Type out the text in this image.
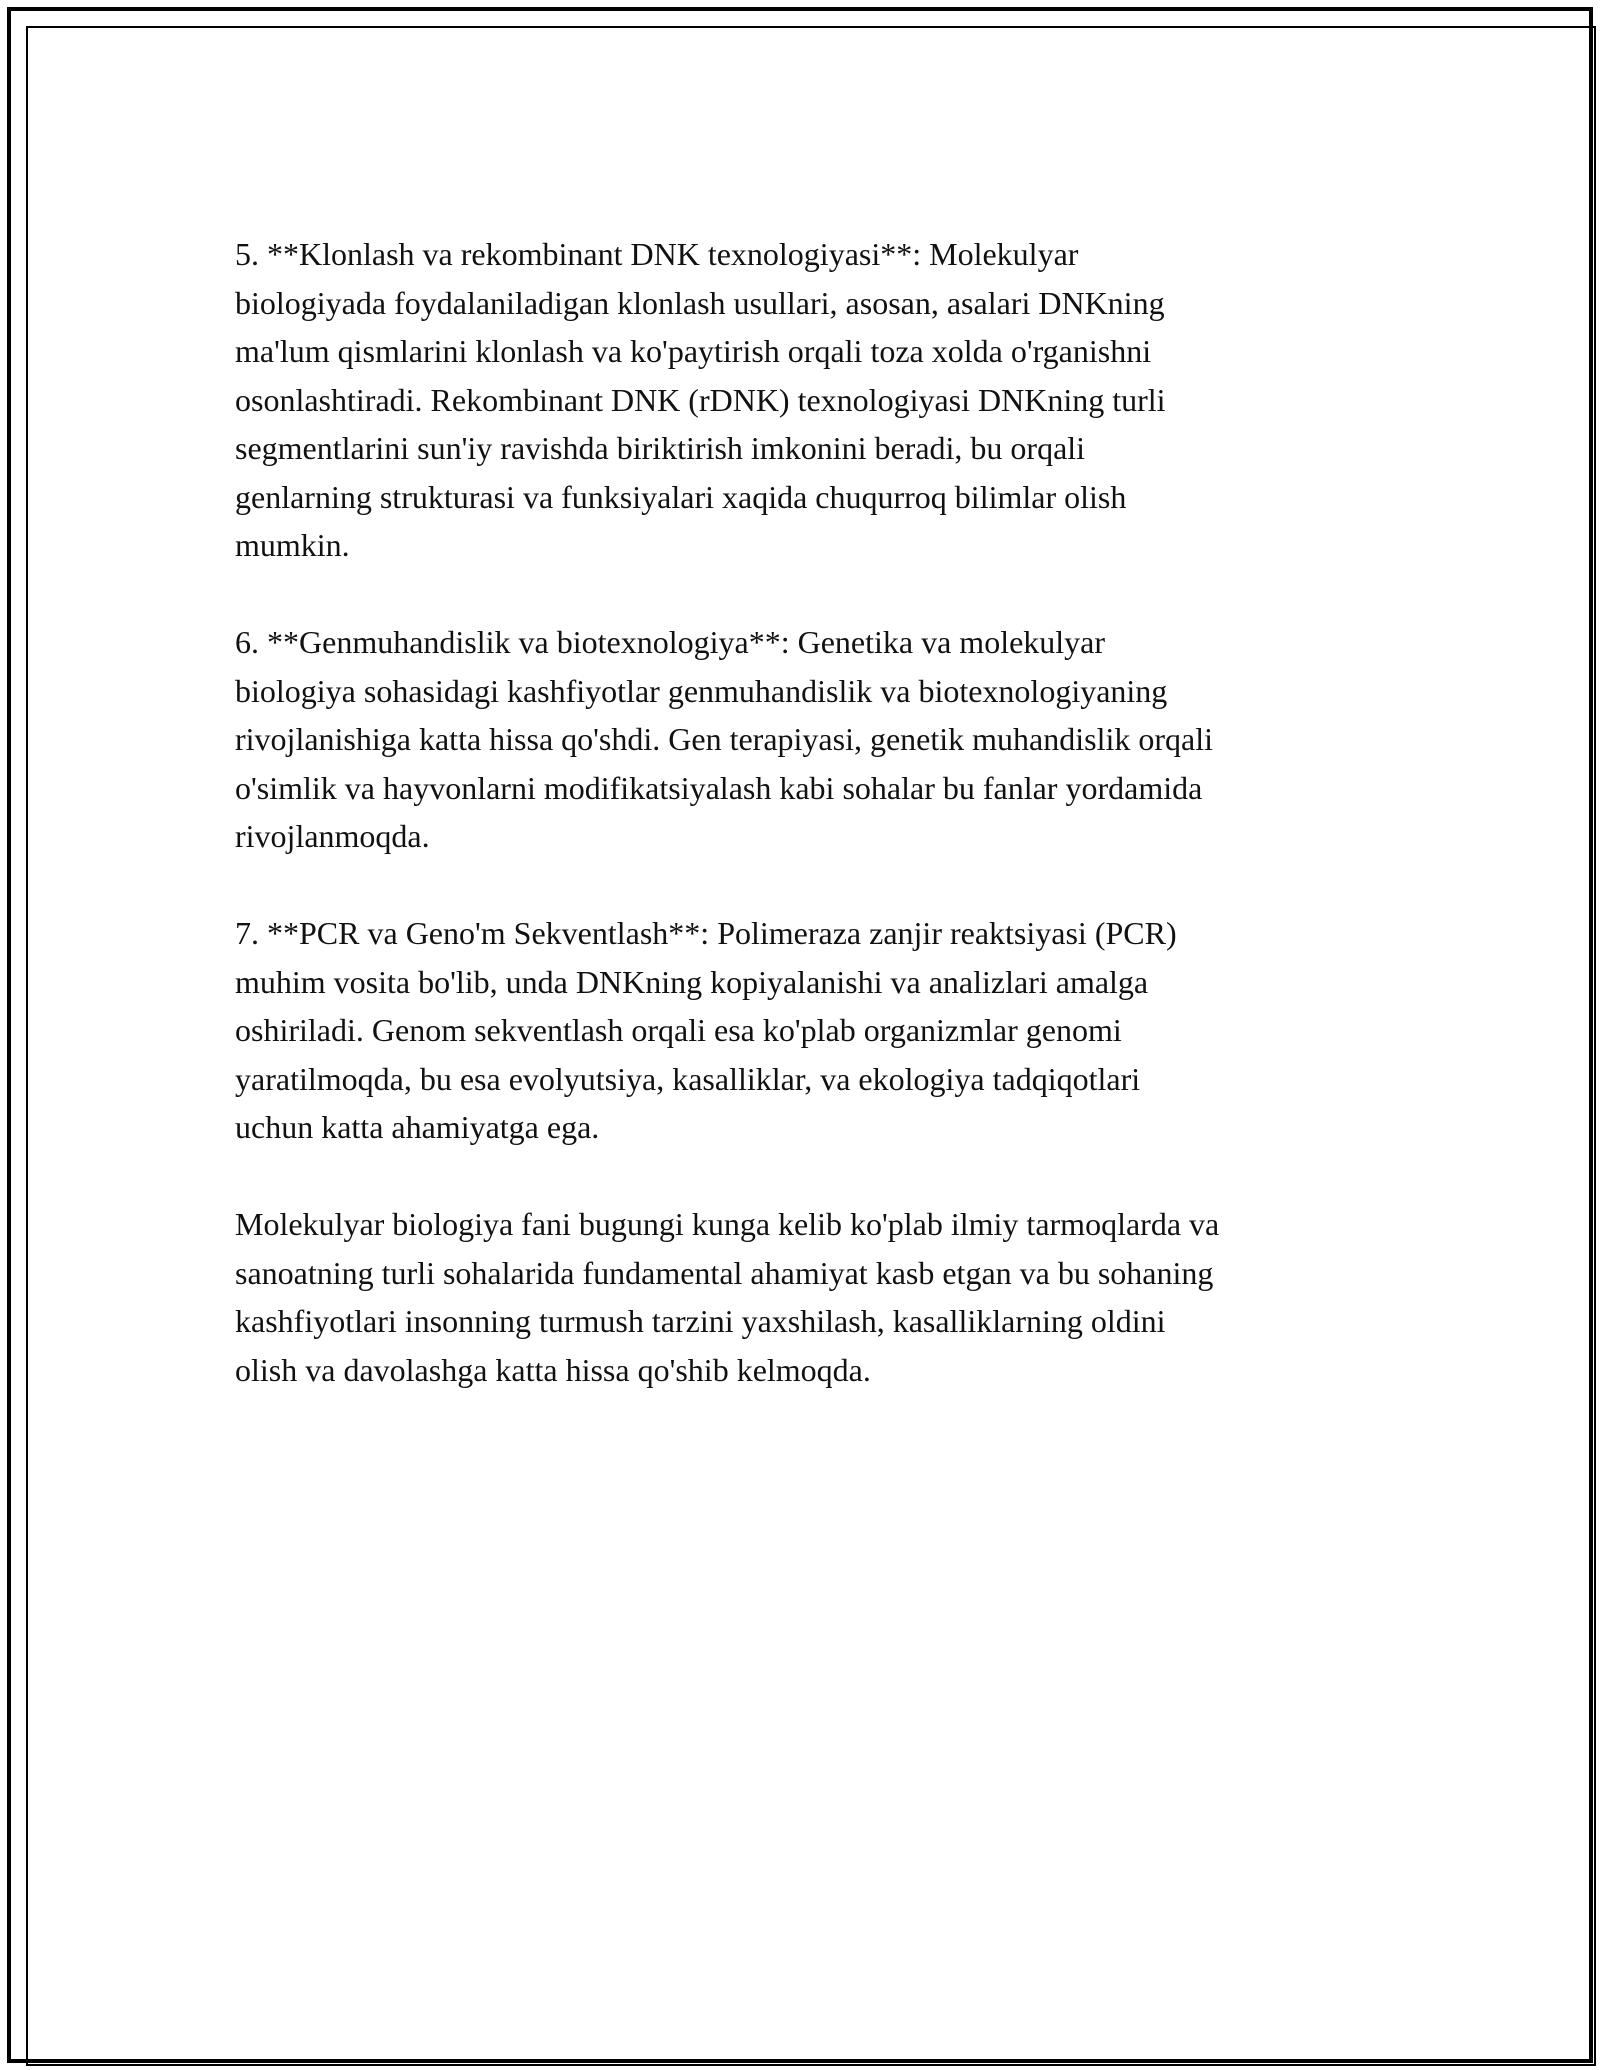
5. **Klonlash va rekombinant DNK texnologiyasi**: Molekulyar
biologiyada foydalaniladigan klonlash usullari, asosan, asalari DNKning
ma'lum qismlarini klonlash va ko'paytirish orqali toza xolda o'rganishni
osonlashtiradi. Rekombinant DNK (rDNK) texnologiyasi DNKning turli
segmentlarini sun'iy ravishda biriktirish imkonini beradi, bu orqali
genlarning strukturasi va funksiyalari xaqida chuqurroq bilimlar olish
mumkin.

6. **Genmuhandislik va biotexnologiya**: Genetika va molekulyar
biologiya sohasidagi kashfiyotlar genmuhandislik va biotexnologiyaning
rivojlanishiga katta hissa qo'shdi. Gen terapiyasi, genetik muhandislik orqali
o'simlik va hayvonlarni modifikatsiyalash kabi sohalar bu fanlar yordamida
rivojlanmoqda.

7. **PCR va Geno'm Sekventlash**: Polimeraza zanjir reaktsiyasi (PCR)
muhim vosita bo'lib, unda DNKning kopiyalanishi va analizlari amalga
oshiriladi. Genom sekventlash orqali esa ko'plab organizmlar genomi
yaratilmoqda, bu esa evolyutsiya, kasalliklar, va ekologiya tadqiqotlari
uchun katta ahamiyatga ega.

Molekulyar biologiya fani bugungi kunga kelib ko'plab ilmiy tarmoqlarda va
sanoatning turli sohalarida fundamental ahamiyat kasb etgan va bu sohaning
kashfiyotlari insonning turmush tarzini yaxshilash, kasalliklarning oldini
olish va davolashga katta hissa qo'shib kelmoqda.
